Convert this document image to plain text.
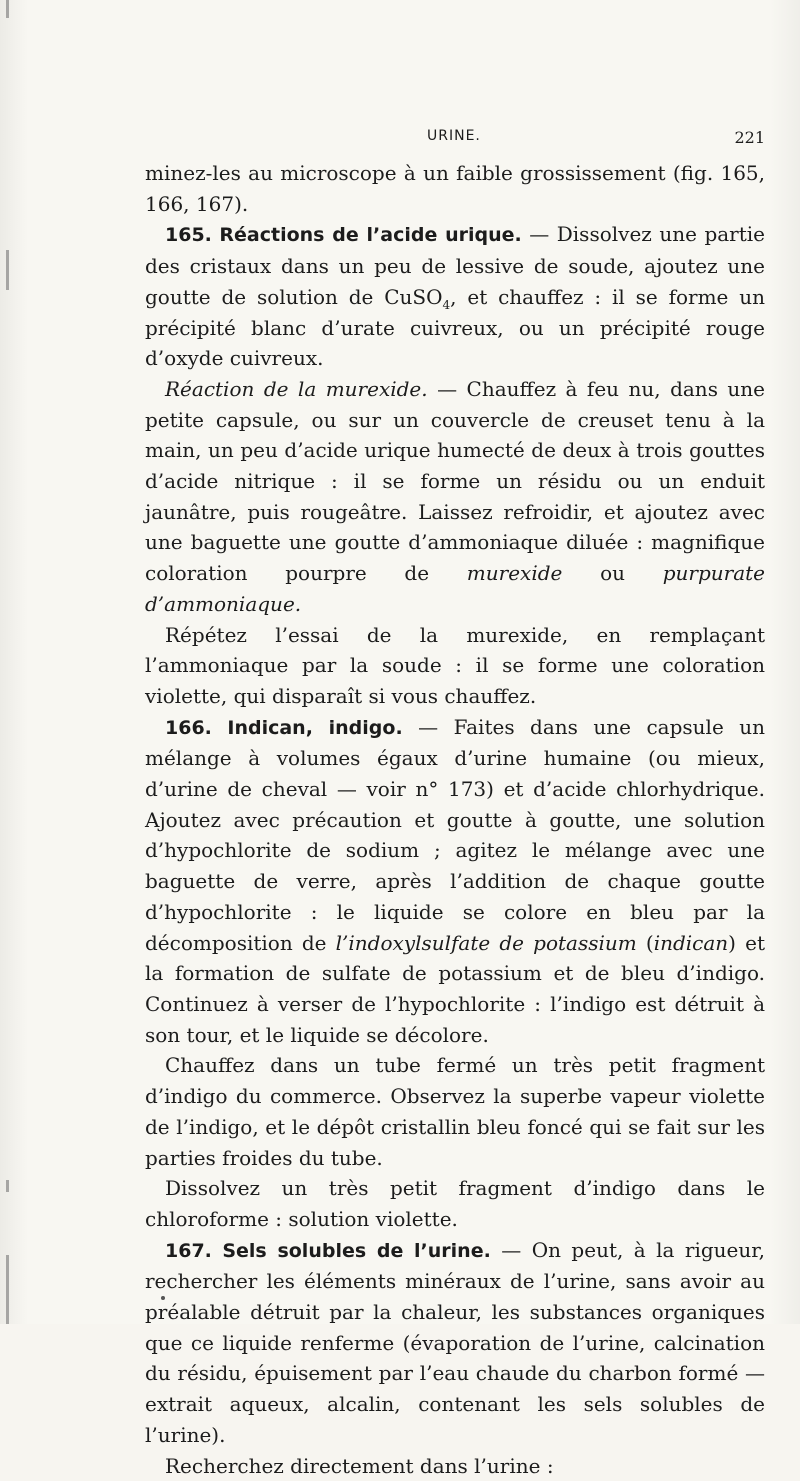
URINE.	221

minez-les au microscope à un faible grossissement (fig. 165, 166, 167).

165. Réactions de l’acide urique. — Dissolvez une partie des cristaux dans un peu de lessive de soude, ajoutez une goutte de solution de CuSO$_4$, et chauffez : il se forme un précipité blanc d’urate cuivreux, ou un précipité rouge d’oxyde cuivreux.

Réaction de la murexide. — Chauffez à feu nu, dans une petite capsule, ou sur un couvercle de creuset tenu à la main, un peu d’acide urique humecté de deux à trois gouttes d’acide nitrique : il se forme un résidu ou un enduit jaunâtre, puis rougeâtre. Laissez refroidir, et ajoutez avec une baguette une goutte d’ammoniaque diluée : magnifique coloration pourpre de murexide ou purpurate d’ammoniaque.

Répétez l’essai de la murexide, en remplaçant l’ammoniaque par la soude : il se forme une coloration violette, qui disparaît si vous chauffez.

166. Indican, indigo. — Faites dans une capsule un mélange à volumes égaux d’urine humaine (ou mieux, d’urine de cheval — voir n° 173) et d’acide chlorhydrique. Ajoutez avec précaution et goutte à goutte, une solution d’hypochlorite de sodium ; agitez le mélange avec une baguette de verre, après l’addition de chaque goutte d’hypochlorite : le liquide se colore en bleu par la décomposition de l’indoxylsulfate de potassium (indican) et la formation de sulfate de potassium et de bleu d’indigo. Continuez à verser de l’hypochlorite : l’indigo est détruit à son tour, et le liquide se décolore.

Chauffez dans un tube fermé un très petit fragment d’indigo du commerce. Observez la superbe vapeur violette de l’indigo, et le dépôt cristallin bleu foncé qui se fait sur les parties froides du tube.

Dissolvez un très petit fragment d’indigo dans le chloroforme : solution violette.

167. Sels solubles de l’urine. — On peut, à la rigueur, rechercher les éléments minéraux de l’urine, sans avoir au préalable détruit par la chaleur, les substances organiques que ce liquide renferme (évaporation de l’urine, calcination du résidu, épuisement par l’eau chaude du charbon formé — extrait aqueux, alcalin, contenant les sels solubles de l’urine).

Recherchez directement dans l’urine :
